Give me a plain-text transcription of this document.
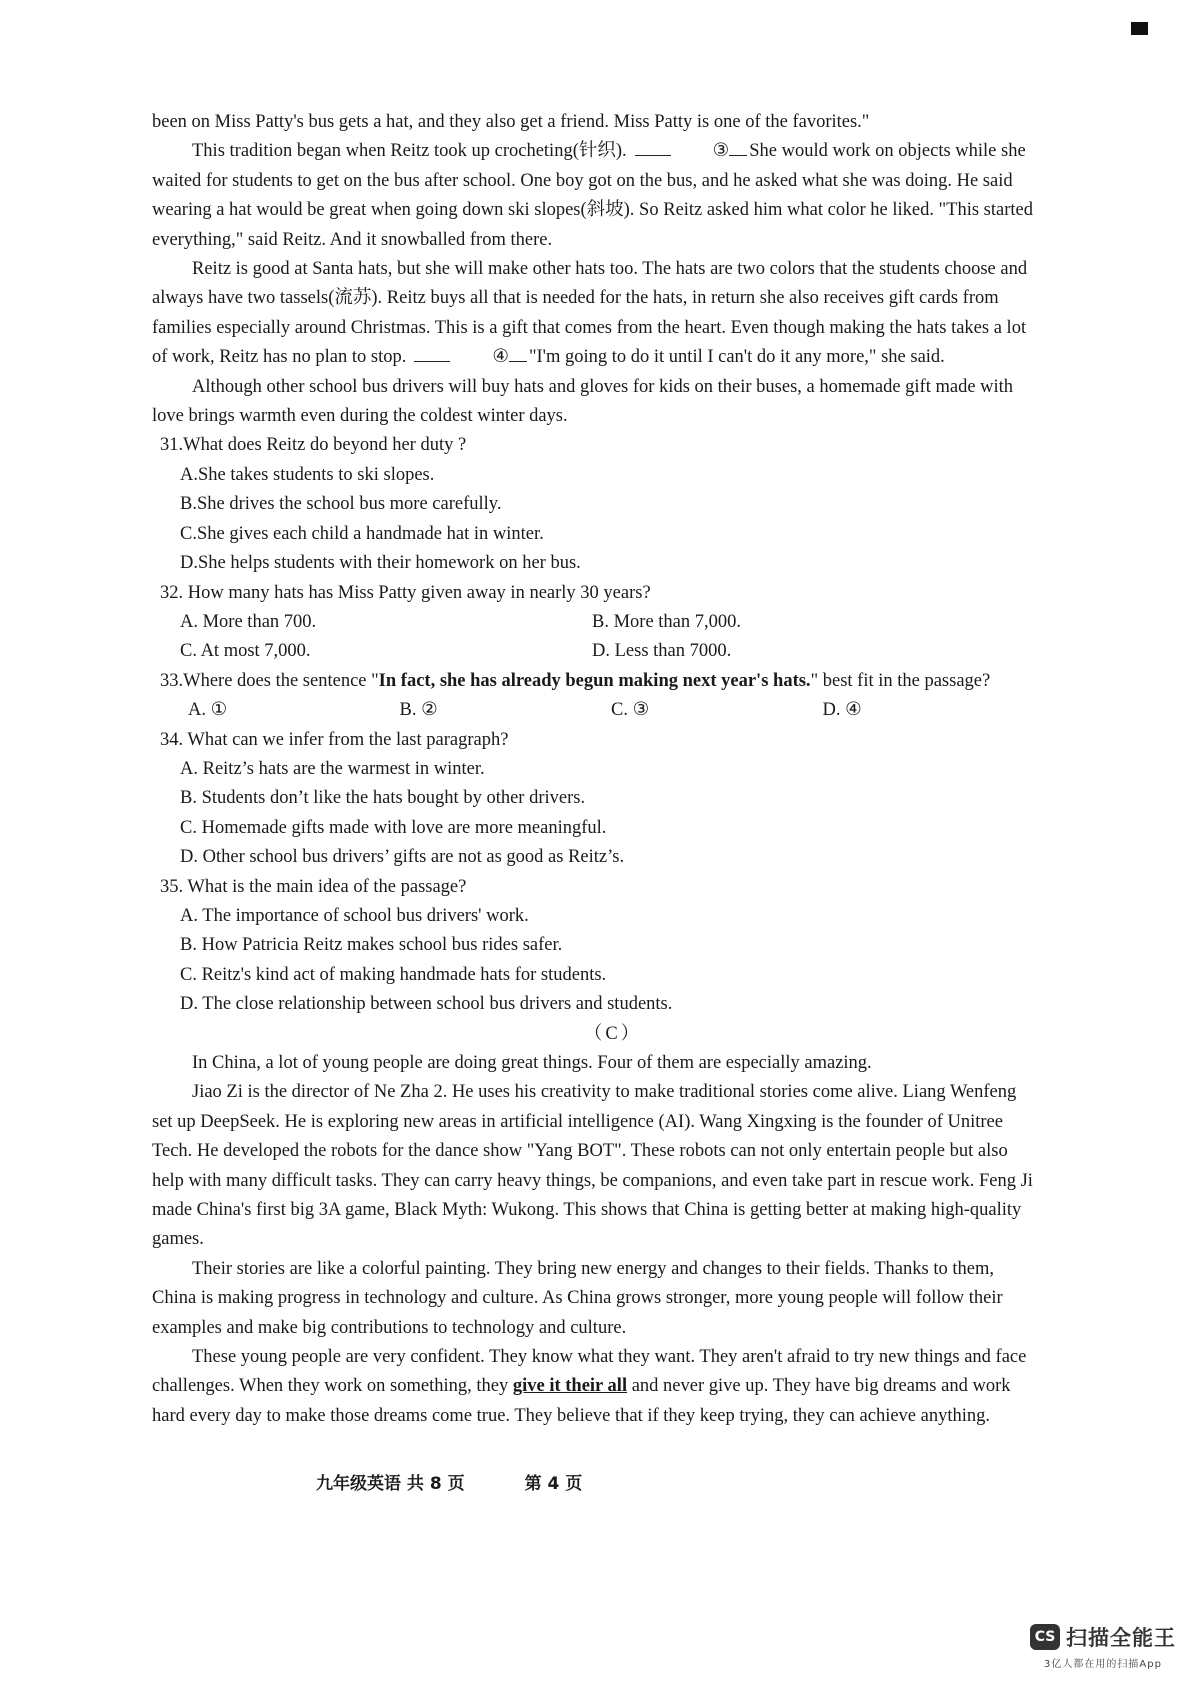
been on Miss Patty's bus gets a hat, and they also get a friend. Miss Patty is one of the favorites."

This tradition began when Reitz took up crocheting(针织).	③ She would work on objects while she waited for students to get on the bus after school. One boy got on the bus, and he asked what she was doing. He said wearing a hat would be great when going down ski slopes(斜坡). So Reitz asked him what color he liked. "This started everything," said Reitz. And it snowballed from there.

Reitz is good at Santa hats, but she will make other hats too. The hats are two colors that the students choose and always have two tassels(流苏). Reitz buys all that is needed for the hats, in return she also receives gift cards from families especially around Christmas. This is a gift that comes from the heart. Even though making the hats takes a lot of work, Reitz has no plan to stop.	④ "I'm going to do it until I can't do it any more," she said.

Although other school bus drivers will buy hats and gloves for kids on their buses, a homemade gift made with love brings warmth even during the coldest winter days.

31.What does Reitz do beyond her duty ?

A.She takes students to ski slopes.

B.She drives the school bus more carefully.

C.She gives each child a handmade hat in winter.

D.She helps students with their homework on her bus.

32. How many hats has Miss Patty given away in nearly 30 years?

A. More than 700.	B. More than 7,000.
C. At most 7,000.	D. Less than 7000.

33.Where does the sentence "In fact, she has already begun making next year's hats." best fit in the passage?

A. ①	B. ②	C. ③	D. ④

34. What can we infer from the last paragraph?

A. Reitz’s hats are the warmest in winter.

B. Students don’t like the hats bought by other drivers.

C. Homemade gifts made with love are more meaningful.

D. Other school bus drivers’ gifts are not as good as Reitz’s.

35. What is the main idea of the passage?

A. The importance of school bus drivers' work.

B. How Patricia Reitz makes school bus rides safer.

C. Reitz's kind act of making handmade hats for students.

D. The close relationship between school bus drivers and students.

（C）

In China, a lot of young people are doing great things. Four of them are especially amazing.

Jiao Zi is the director of Ne Zha 2. He uses his creativity to make traditional stories come alive. Liang Wenfeng set up DeepSeek. He is exploring new areas in artificial intelligence (AI). Wang Xingxing is the founder of Unitree Tech. He developed the robots for the dance show "Yang BOT". These robots can not only entertain people but also help with many difficult tasks. They can carry heavy things, be companions, and even take part in rescue work. Feng Ji made China's first big 3A game, Black Myth: Wukong. This shows that China is getting better at making high-quality games.

Their stories are like a colorful painting. They bring new energy and changes to their fields. Thanks to them, China is making progress in technology and culture. As China grows stronger, more young people will follow their examples and make big contributions to technology and culture.

These young people are very confident. They know what they want. They aren't afraid to try new things and face challenges. When they work on something, they give it their all and never give up. They have big dreams and work hard every day to make those dreams come true. They believe that if they keep trying, they can achieve anything.

九年级英语 共 8 页	第 4 页
CS 扫描全能王
3亿人都在用的扫描App
